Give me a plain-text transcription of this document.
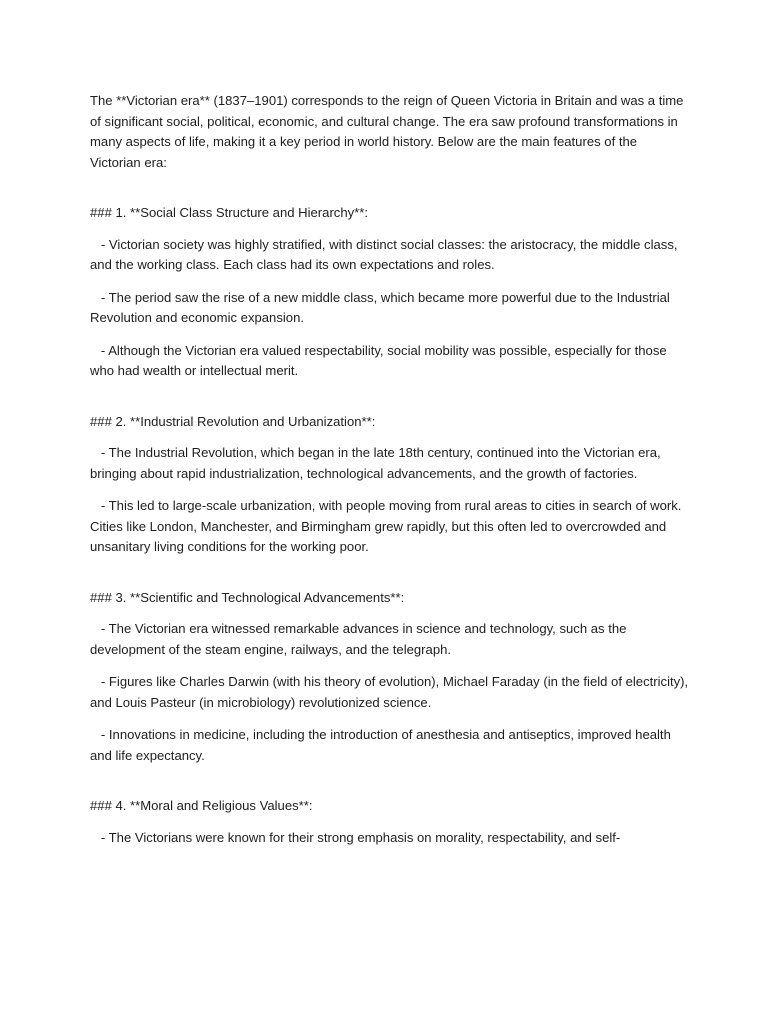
The **Victorian era** (1837–1901) corresponds to the reign of Queen Victoria in Britain and was a time of significant social, political, economic, and cultural change. The era saw profound transformations in many aspects of life, making it a key period in world history. Below are the main features of the Victorian era:

### 1. **Social Class Structure and Hierarchy**:

- Victorian society was highly stratified, with distinct social classes: the aristocracy, the middle class, and the working class. Each class had its own expectations and roles.

- The period saw the rise of a new middle class, which became more powerful due to the Industrial Revolution and economic expansion.

- Although the Victorian era valued respectability, social mobility was possible, especially for those who had wealth or intellectual merit.

### 2. **Industrial Revolution and Urbanization**:

- The Industrial Revolution, which began in the late 18th century, continued into the Victorian era, bringing about rapid industrialization, technological advancements, and the growth of factories.

- This led to large-scale urbanization, with people moving from rural areas to cities in search of work. Cities like London, Manchester, and Birmingham grew rapidly, but this often led to overcrowded and unsanitary living conditions for the working poor.

### 3. **Scientific and Technological Advancements**:

- The Victorian era witnessed remarkable advances in science and technology, such as the development of the steam engine, railways, and the telegraph.

- Figures like Charles Darwin (with his theory of evolution), Michael Faraday (in the field of electricity), and Louis Pasteur (in microbiology) revolutionized science.

- Innovations in medicine, including the introduction of anesthesia and antiseptics, improved health and life expectancy.

### 4. **Moral and Religious Values**:

- The Victorians were known for their strong emphasis on morality, respectability, and self-
